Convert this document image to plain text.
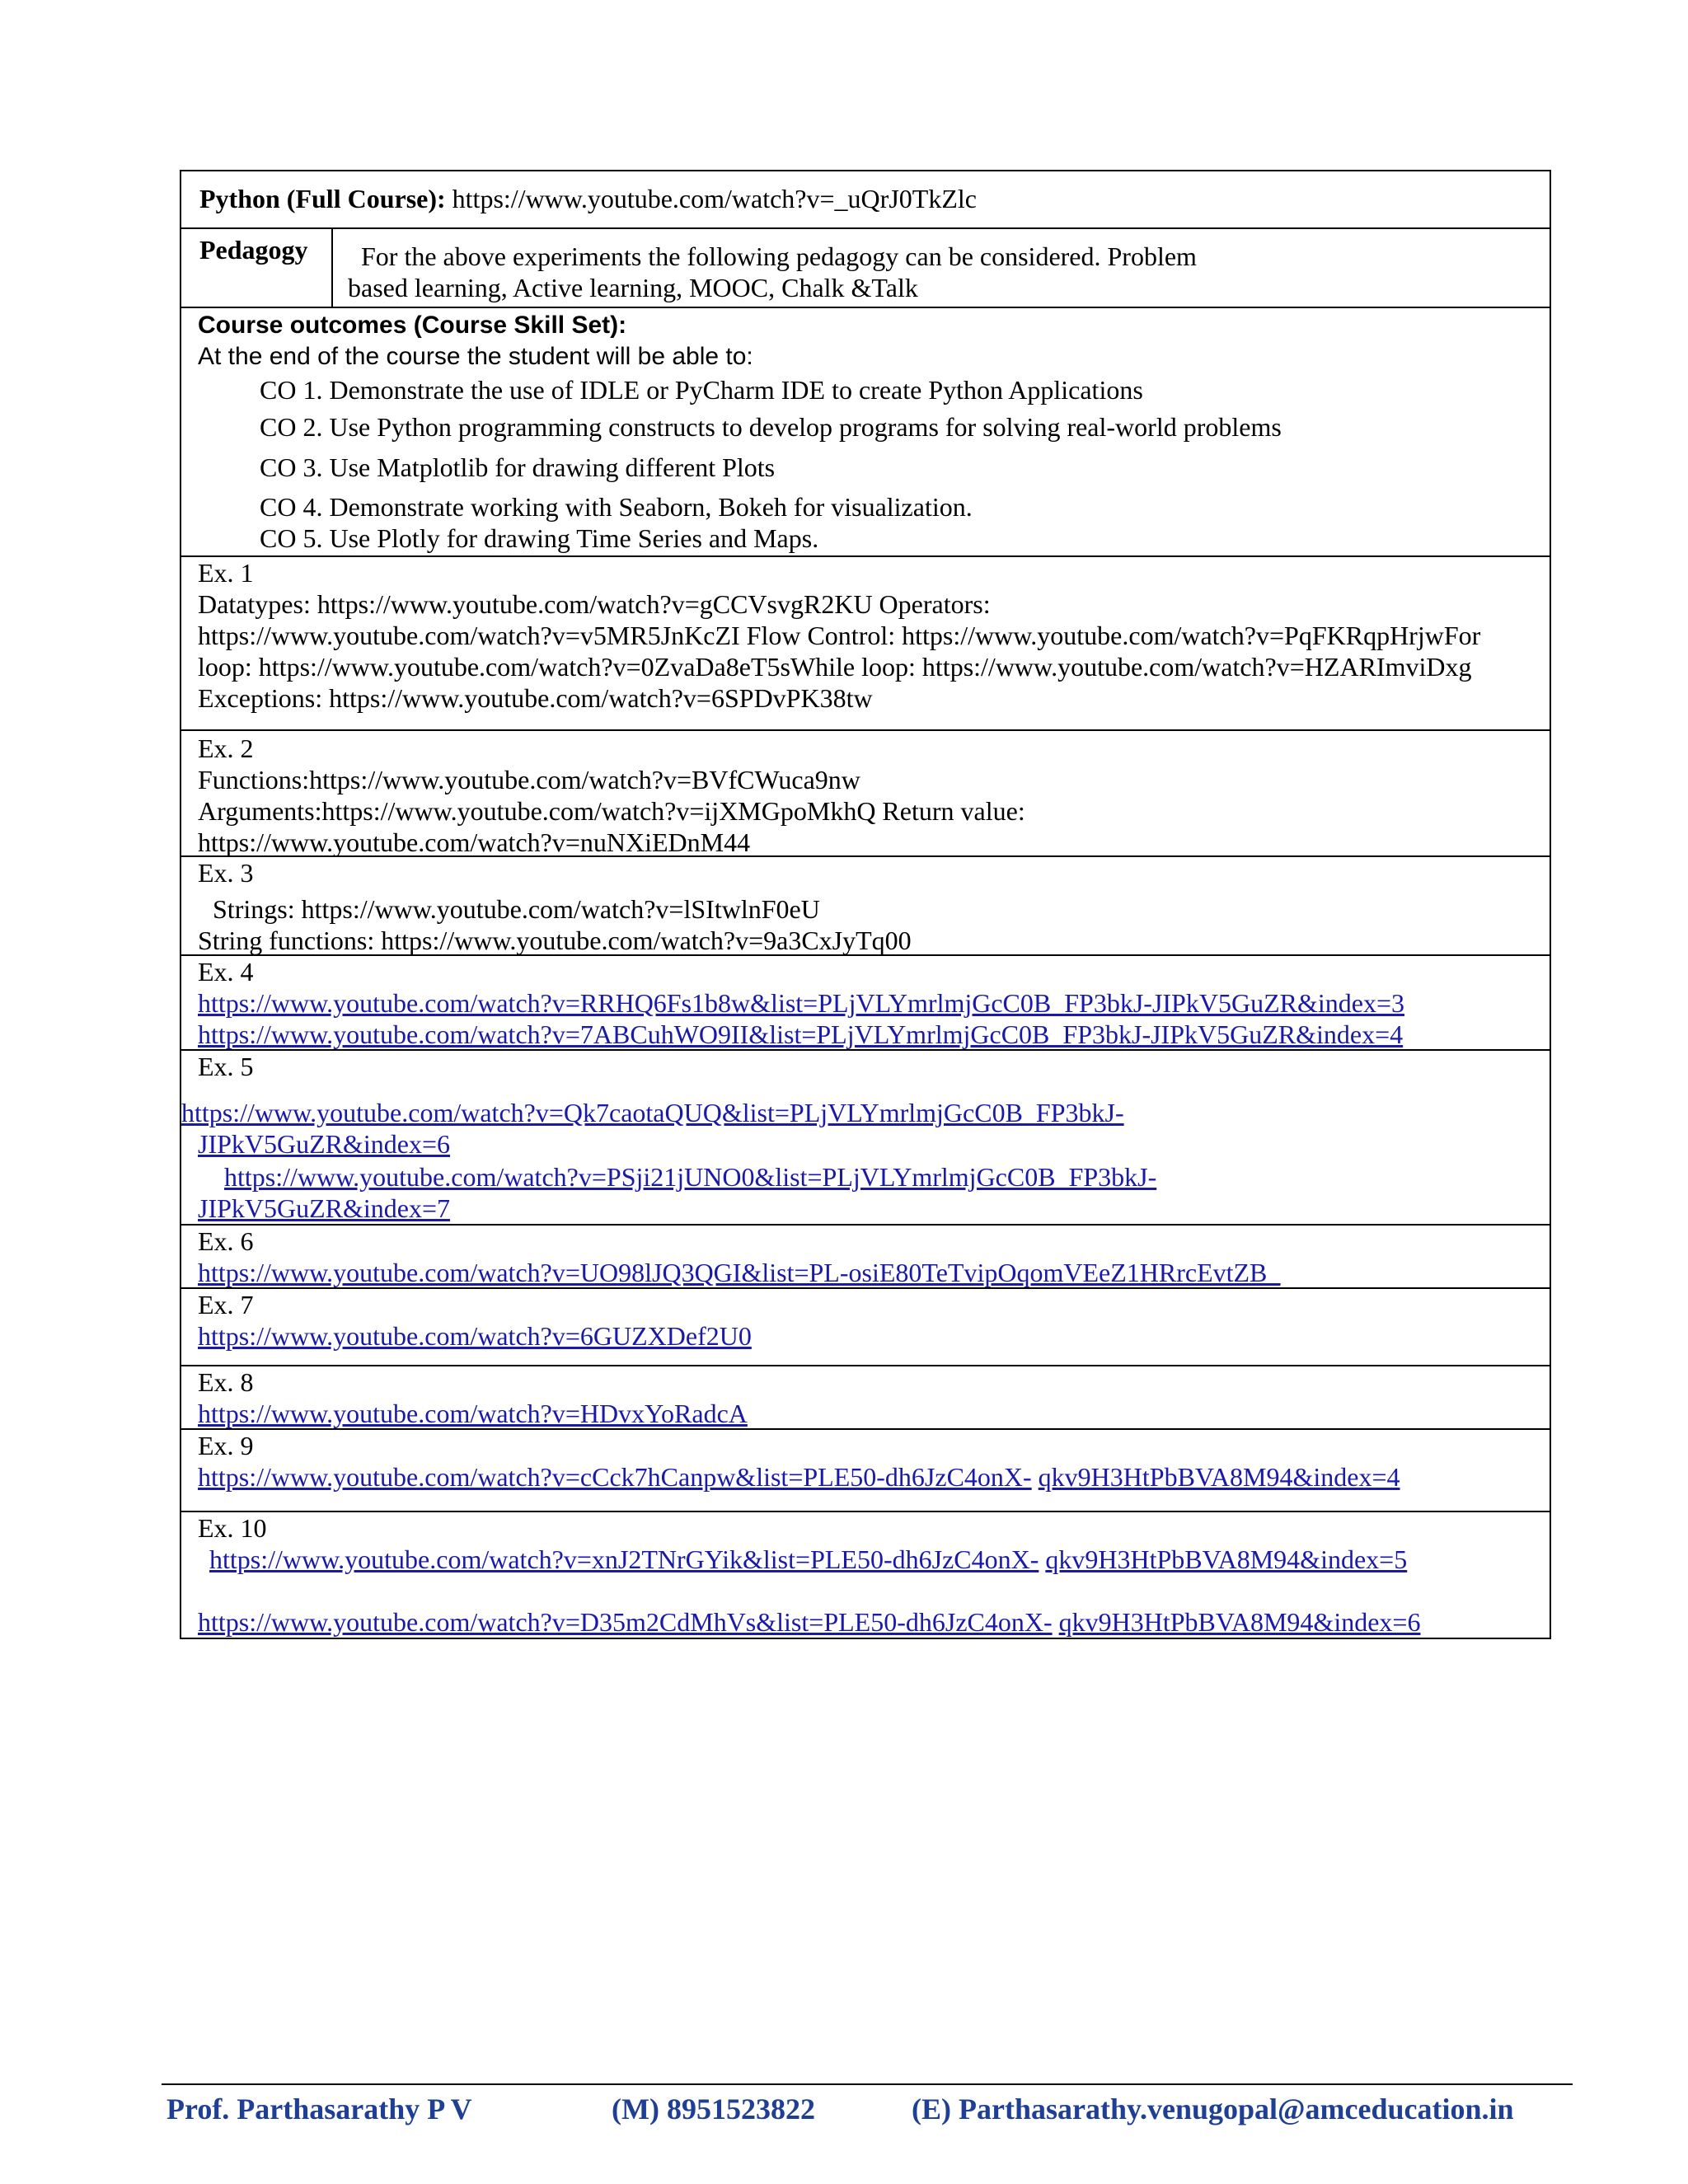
Python (Full Course): https://www.youtube.com/watch?v=_uQrJ0TkZlc
Pedagogy For the above experiments the following pedagogy can be considered. Problem
based learning, Active learning, MOOC, Chalk &Talk
Course outcomes (Course Skill Set):
At the end of the course the student will be able to:
CO 1. Demonstrate the use of IDLE or PyCharm IDE to create Python Applications
CO 2. Use Python programming constructs to develop programs for solving real-world problems
CO 3. Use Matplotlib for drawing different Plots
CO 4. Demonstrate working with Seaborn, Bokeh for visualization.
CO 5. Use Plotly for drawing Time Series and Maps.
Ex. 1
Datatypes: https://www.youtube.com/watch?v=gCCVsvgR2KU Operators:
https://www.youtube.com/watch?v=v5MR5JnKcZI Flow Control: https://www.youtube.com/watch?v=PqFKRqpHrjwFor
loop: https://www.youtube.com/watch?v=0ZvaDa8eT5sWhile loop: https://www.youtube.com/watch?v=HZARImviDxg
Exceptions: https://www.youtube.com/watch?v=6SPDvPK38tw
Ex. 2
Functions:https://www.youtube.com/watch?v=BVfCWuca9nw
Arguments:https://www.youtube.com/watch?v=ijXMGpoMkhQ Return value:
https://www.youtube.com/watch?v=nuNXiEDnM44
Ex. 3
Strings: https://www.youtube.com/watch?v=lSItwlnF0eU
String functions: https://www.youtube.com/watch?v=9a3CxJyTq00
Ex. 4
https://www.youtube.com/watch?v=RRHQ6Fs1b8w&list=PLjVLYmrlmjGcC0B_FP3bkJ-JIPkV5GuZR&index=3
https://www.youtube.com/watch?v=7ABCuhWO9II&list=PLjVLYmrlmjGcC0B_FP3bkJ-JIPkV5GuZR&index=4
Ex. 5
https://www.youtube.com/watch?v=Qk7caotaQUQ&list=PLjVLYmrlmjGcC0B_FP3bkJ-
JIPkV5GuZR&index=6
https://www.youtube.com/watch?v=PSji21jUNO0&list=PLjVLYmrlmjGcC0B_FP3bkJ-
JIPkV5GuZR&index=7
Ex. 6
https://www.youtube.com/watch?v=UO98lJQ3QGI&list=PL-osiE80TeTvipOqomVEeZ1HRrcEvtZB_
Ex. 7
https://www.youtube.com/watch?v=6GUZXDef2U0
Ex. 8
https://www.youtube.com/watch?v=HDvxYoRadcA
Ex. 9
https://www.youtube.com/watch?v=cCck7hCanpw&list=PLE50-dh6JzC4onX- qkv9H3HtPbBVA8M94&index=4
Ex. 10
https://www.youtube.com/watch?v=xnJ2TNrGYik&list=PLE50-dh6JzC4onX- qkv9H3HtPbBVA8M94&index=5
https://www.youtube.com/watch?v=D35m2CdMhVs&list=PLE50-dh6JzC4onX- qkv9H3HtPbBVA8M94&index=6
Prof. Parthasarathy P V	(M) 8951523822	(E) Parthasarathy.venugopal@amceducation.in
